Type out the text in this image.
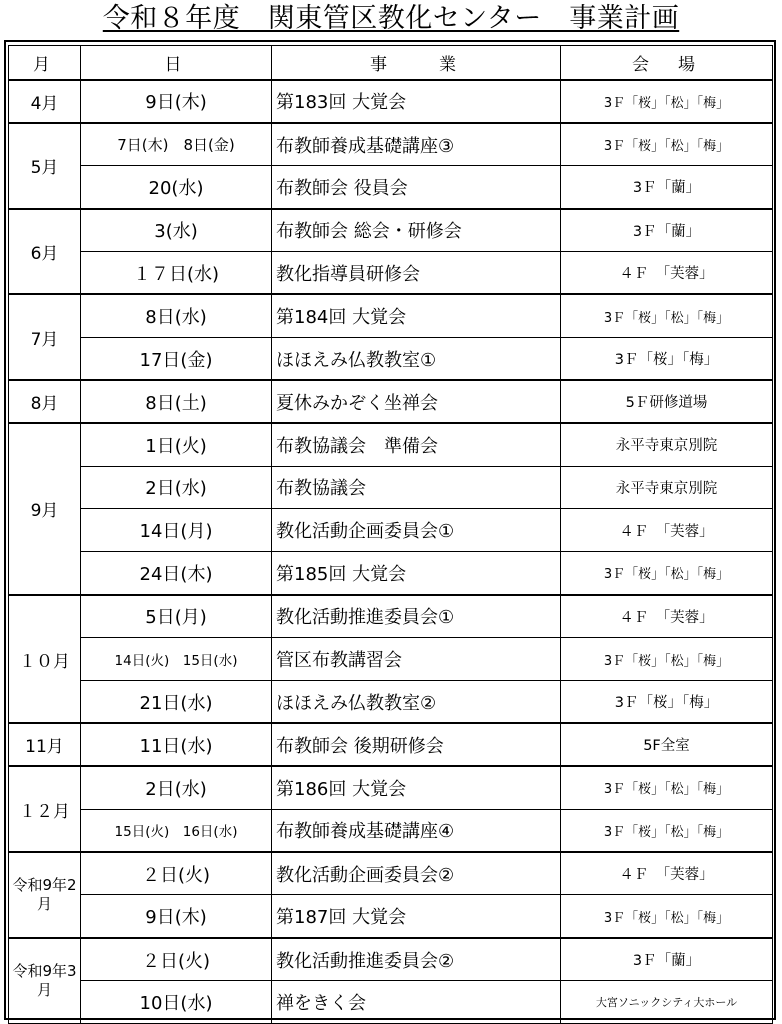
令和８年度　関東管区教化センター　事業計画
月	日	事　　業	会　場
4月	9日(木)	第183回 大覚会	3Ｆ「桜」「松」「梅」
5月	7日(木)　8日(金)	布教師養成基礎講座③	3Ｆ「桜」「松」「梅」
	20(水)	布教師会 役員会	3Ｆ「蘭」
6月	3(水)	布教師会 総会・研修会	3Ｆ「蘭」
	１７日(水)	教化指導員研修会	４Ｆ　「芙蓉」
7月	8日(水)	第184回 大覚会	3Ｆ「桜」「松」「梅」
	17日(金)	ほほえみ仏教教室①	3Ｆ「桜」「梅」
8月	8日(土)	夏休みかぞく坐禅会	5Ｆ研修道場
9月	1日(火)	布教協議会　準備会	永平寺東京別院
	2日(水)	布教協議会	永平寺東京別院
	14日(月)	教化活動企画委員会①	４Ｆ　「芙蓉」
	24日(木)	第185回 大覚会	3Ｆ「桜」「松」「梅」
１０月	5日(月)	教化活動推進委員会①	４Ｆ　「芙蓉」
	14日(火)　15日(水)	管区布教講習会	3Ｆ「桜」「松」「梅」
	21日(水)	ほほえみ仏教教室②	3Ｆ「桜」「梅」
11月	11日(水)	布教師会 後期研修会	5F全室
１２月	2日(水)	第186回 大覚会	3Ｆ「桜」「松」「梅」
	15日(火)　16日(水)	布教師養成基礎講座④	3Ｆ「桜」「松」「梅」
令和9年2月	２日(火)	教化活動企画委員会②	４Ｆ　「芙蓉」
	9日(木)	第187回 大覚会	3Ｆ「桜」「松」「梅」
令和9年3月	２日(火)	教化活動推進委員会②	3Ｆ「蘭」
	10日(水)	禅をきく会	大宮ソニックシティ大ホール
